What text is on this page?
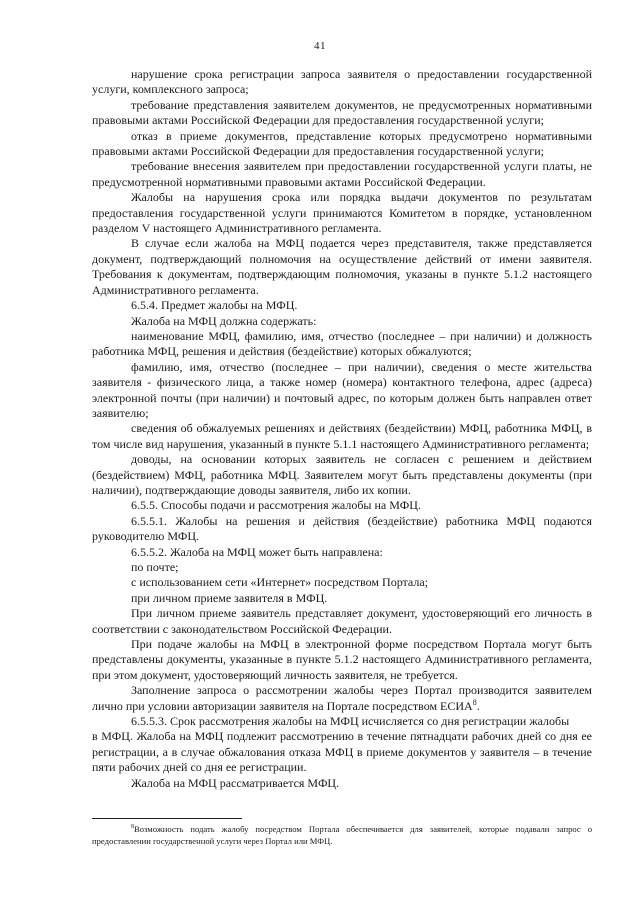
41

нарушение срока регистрации запроса заявителя о предоставлении государственной услуги, комплексного запроса;

требование представления заявителем документов, не предусмотренных нормативными правовыми актами Российской Федерации для предоставления государственной услуги;

отказ в приеме документов, представление которых предусмотрено нормативными правовыми актами Российской Федерации для предоставления государственной услуги;

требование внесения заявителем при предоставлении государственной услуги платы, не предусмотренной нормативными правовыми актами Российской Федерации.

Жалобы на нарушения срока или порядка выдачи документов по результатам предоставления государственной услуги принимаются Комитетом в порядке, установленном разделом V настоящего Административного регламента.

В случае если жалоба на МФЦ подается через представителя, также представляется документ, подтверждающий полномочия на осуществление действий от имени заявителя. Требования к документам, подтверждающим полномочия, указаны в пункте 5.1.2 настоящего Административного регламента.

6.5.4. Предмет жалобы на МФЦ.

Жалоба на МФЦ должна содержать:

наименование МФЦ, фамилию, имя, отчество (последнее – при наличии) и должность работника МФЦ, решения и действия (бездействие) которых обжалуются;

фамилию, имя, отчество (последнее – при наличии), сведения о месте жительства заявителя - физического лица, а также номер (номера) контактного телефона, адрес (адреса) электронной почты (при наличии) и почтовый адрес, по которым должен быть направлен ответ заявителю;

сведения об обжалуемых решениях и действиях (бездействии) МФЦ, работника МФЦ, в том числе вид нарушения, указанный в пункте 5.1.1 настоящего Административного регламента;

доводы, на основании которых заявитель не согласен с решением и действием (бездействием) МФЦ, работника МФЦ. Заявителем могут быть представлены документы (при наличии), подтверждающие доводы заявителя, либо их копии.

6.5.5. Способы подачи и рассмотрения жалобы на МФЦ.

6.5.5.1. Жалобы на решения и действия (бездействие) работника МФЦ подаются руководителю МФЦ.

6.5.5.2. Жалоба на МФЦ может быть направлена:

по почте;

с использованием сети «Интернет» посредством Портала;

при личном приеме заявителя в МФЦ.

При личном приеме заявитель представляет документ, удостоверяющий его личность в соответствии с законодательством Российской Федерации.

При подаче жалобы на МФЦ в электронной форме посредством Портала могут быть представлены документы, указанные в пункте 5.1.2 настоящего Административного регламента, при этом документ, удостоверяющий личность заявителя, не требуется.

Заполнение запроса о рассмотрении жалобы через Портал производится заявителем лично при условии авторизации заявителя на Портале посредством ЕСИА$^8$.

6.5.5.3. Срок рассмотрения жалобы на МФЦ исчисляется со дня регистрации жалобы

в МФЦ. Жалоба на МФЦ подлежит рассмотрению в течение пятнадцати рабочих дней со дня ее регистрации, а в случае обжалования отказа МФЦ в приеме документов у заявителя – в течение пяти рабочих дней со дня ее регистрации.

Жалоба на МФЦ рассматривается МФЦ.

$^8$Возможность подать жалобу посредством Портала обеспечивается для заявителей, которые подавали запрос о предоставлении государственной услуги через Портал или МФЦ.
